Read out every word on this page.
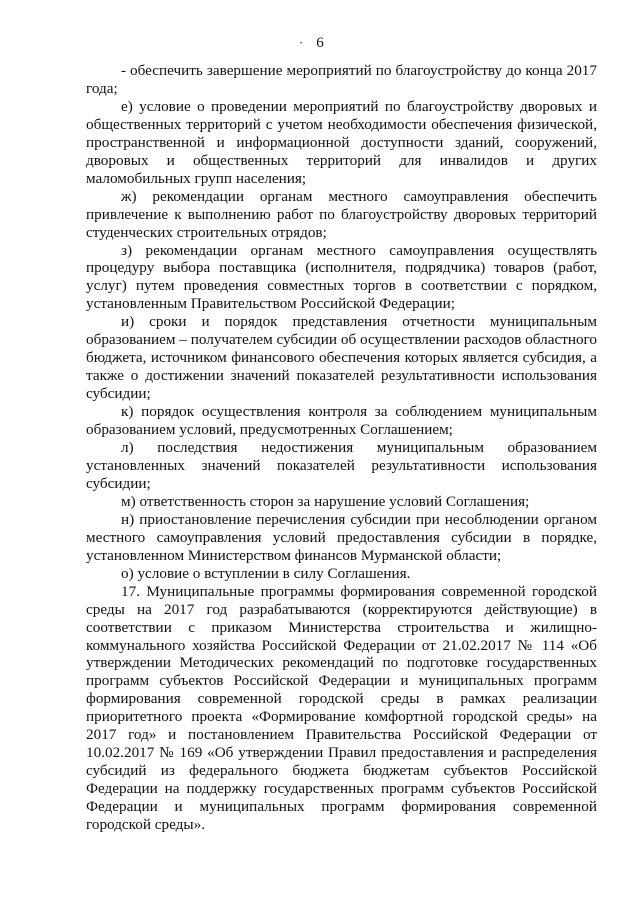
· 6

- обеспечить завершение мероприятий по благоустройству до конца 2017 года;

е) условие о проведении мероприятий по благоустройству дворовых и общественных территорий с учетом необходимости обеспечения физической, пространственной и информационной доступности зданий, сооружений, дворовых и общественных территорий для инвалидов и других маломобильных групп населения;

ж) рекомендации органам местного самоуправления обеспечить привлечение к выполнению работ по благоустройству дворовых территорий студенческих строительных отрядов;

з) рекомендации органам местного самоуправления осуществлять процедуру выбора поставщика (исполнителя, подрядчика) товаров (работ, услуг) путем проведения совместных торгов в соответствии с порядком, установленным Правительством Российской Федерации;

и) сроки и порядок представления отчетности муниципальным образованием – получателем субсидии об осуществлении расходов областного бюджета, источником финансового обеспечения которых является субсидия, а также о достижении значений показателей результативности использования субсидии;

к) порядок осуществления контроля за соблюдением муниципальным образованием условий, предусмотренных Соглашением;

л) последствия недостижения муниципальным образованием установленных значений показателей результативности использования субсидии;

м) ответственность сторон за нарушение условий Соглашения;

н) приостановление перечисления субсидии при несоблюдении органом местного самоуправления условий предоставления субсидии в порядке, установленном Министерством финансов Мурманской области;

о) условие о вступлении в силу Соглашения.

17. Муниципальные программы формирования современной городской среды на 2017 год разрабатываются (корректируются действующие) в соответствии с приказом Министерства строительства и жилищно-коммунального хозяйства Российской Федерации от 21.02.2017 № 114 «Об утверждении Методических рекомендаций по подготовке государственных программ субъектов Российской Федерации и муниципальных программ формирования современной городской среды в рамках реализации приоритетного проекта «Формирование комфортной городской среды» на 2017 год» и постановлением Правительства Российской Федерации от 10.02.2017 № 169 «Об утверждении Правил предоставления и распределения субсидий из федерального бюджета бюджетам субъектов Российской Федерации на поддержку государственных программ субъектов Российской Федерации и муниципальных программ формирования современной городской среды».
